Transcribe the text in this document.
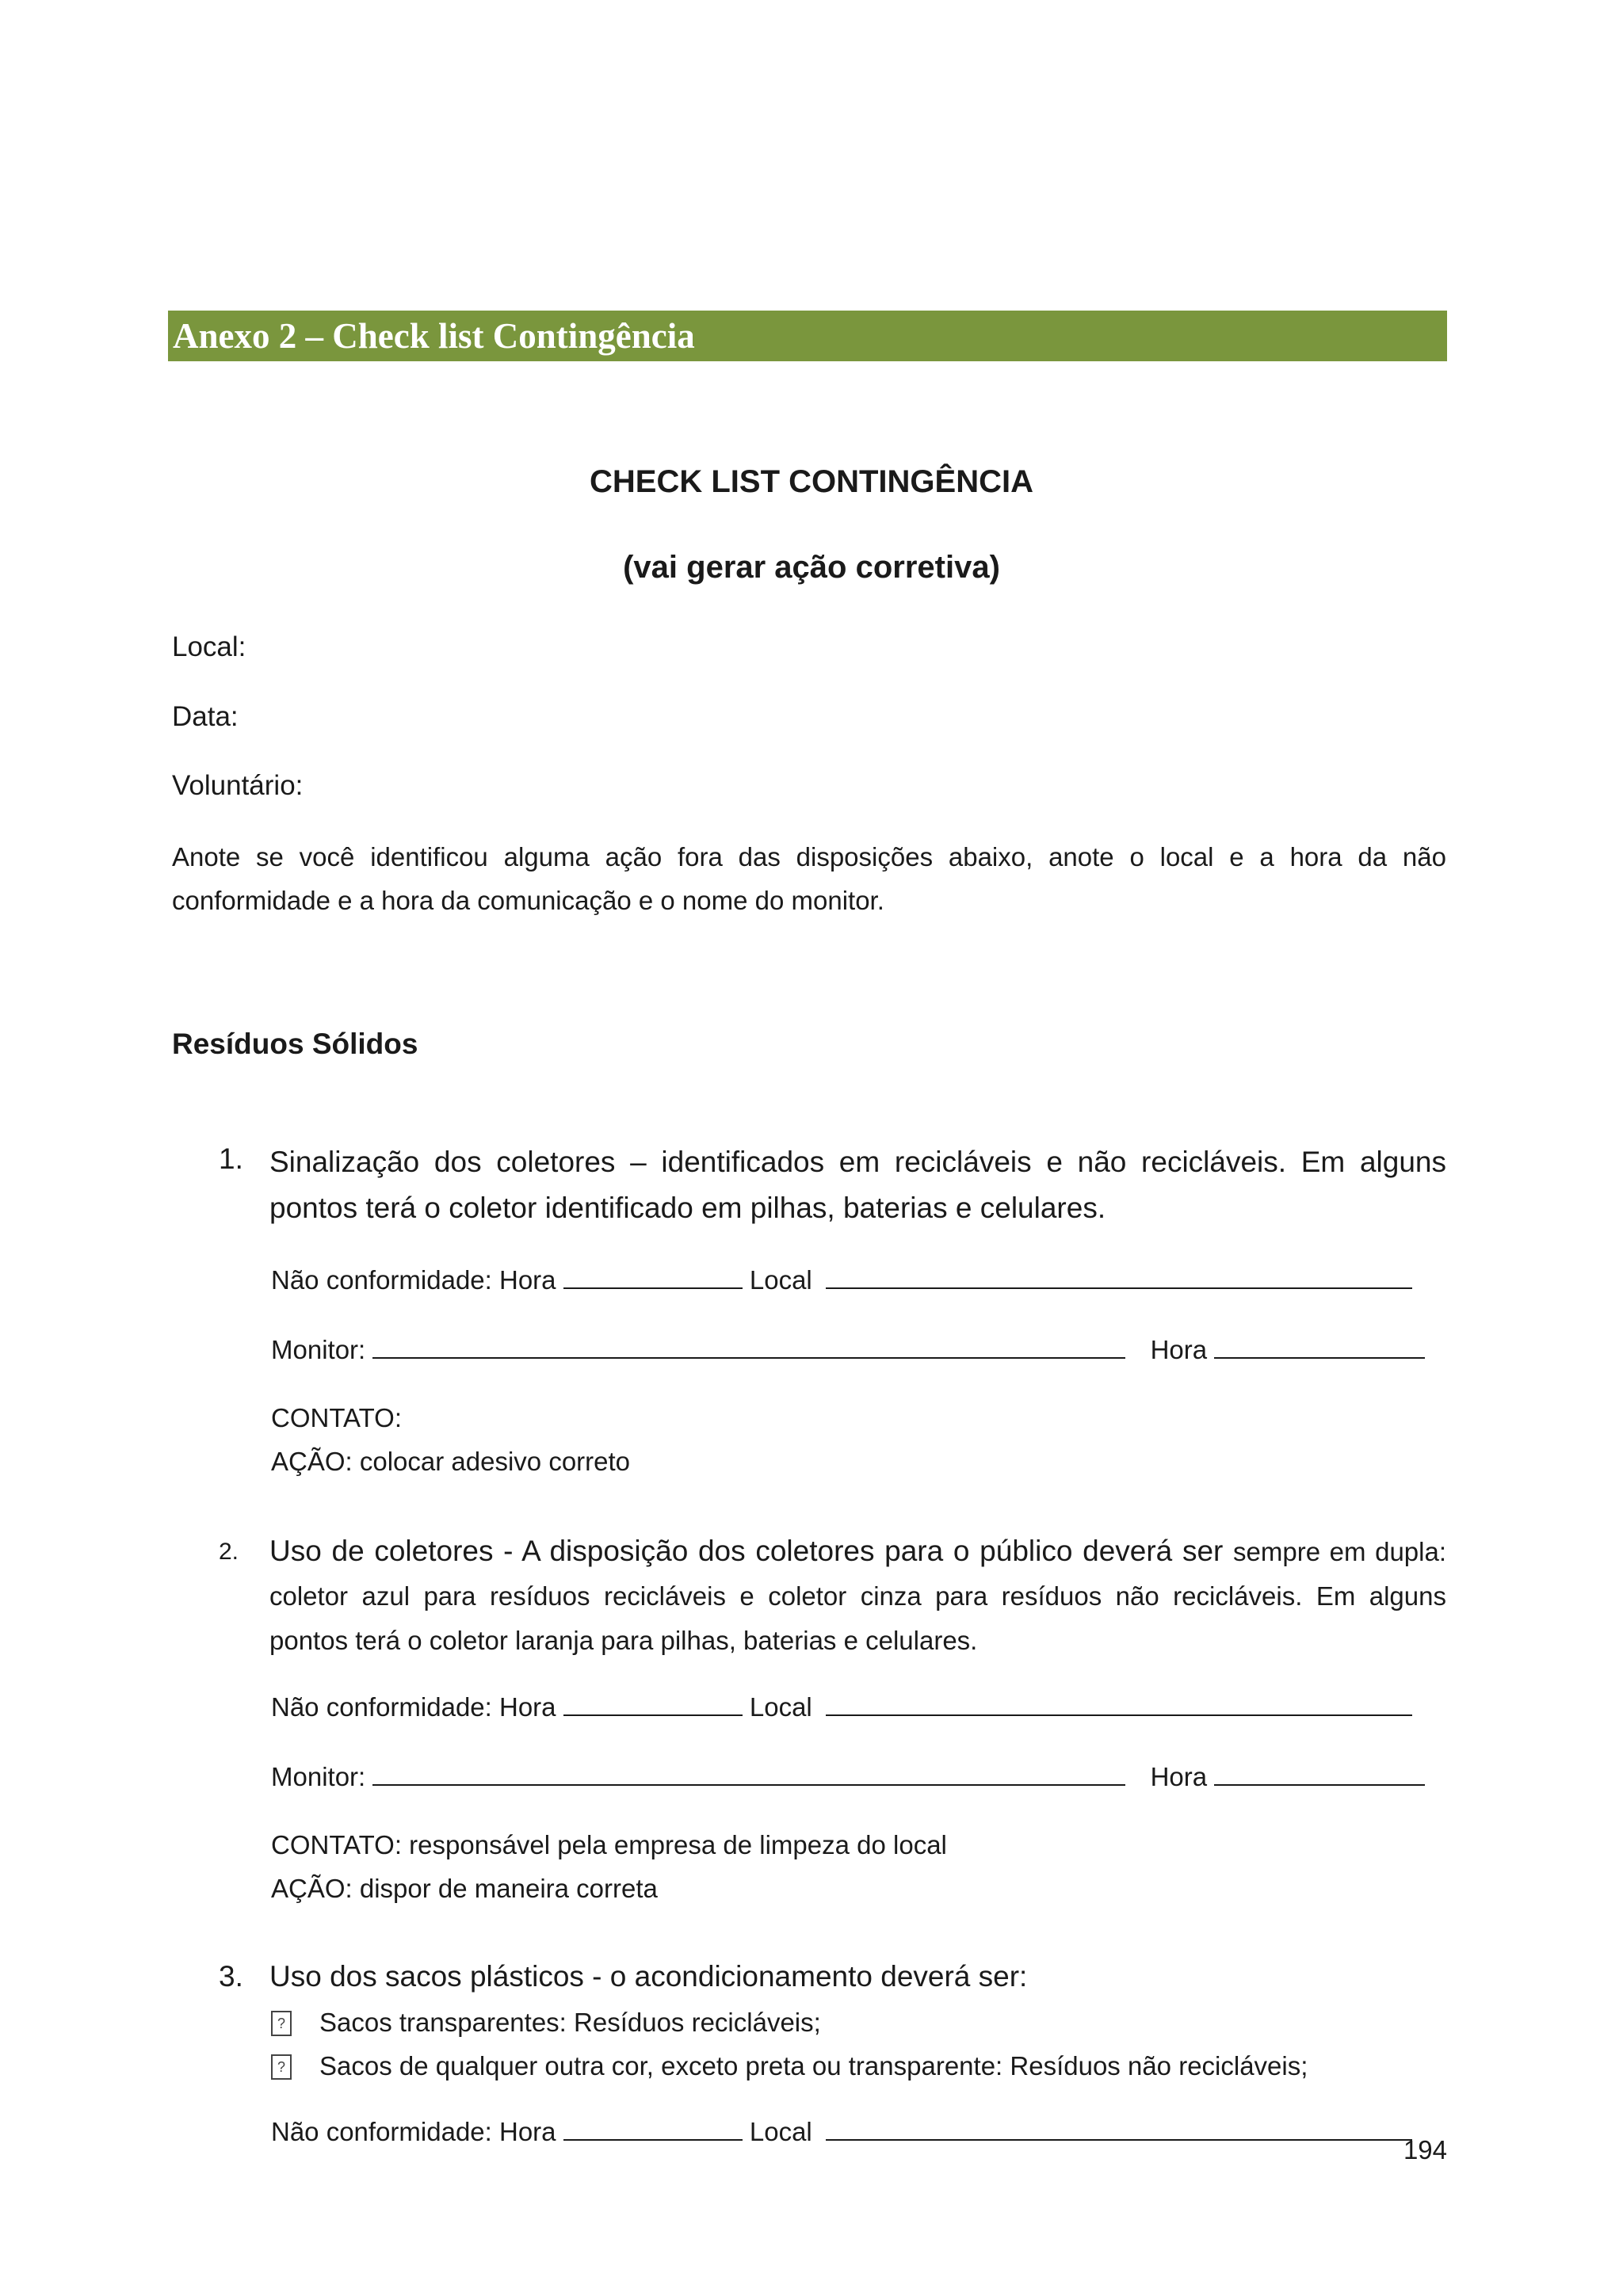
Anexo 2 – Check list Contingência
CHECK LIST CONTINGÊNCIA
(vai gerar ação corretiva)
Local:
Data:
Voluntário:
Anote se você identificou alguma ação fora das disposições abaixo, anote o local e a hora da não conformidade e a hora da comunicação e o nome do monitor.
Resíduos Sólidos
1. Sinalização dos coletores – identificados em recicláveis e não recicláveis. Em alguns pontos terá o coletor identificado em pilhas, baterias e celulares.
Não conformidade: Hora	Local
Monitor:	Hora
CONTATO:
AÇÃO: colocar adesivo correto
2. Uso de coletores - A disposição dos coletores para o público deverá ser sempre em dupla: coletor azul para resíduos recicláveis e coletor cinza para resíduos não recicláveis. Em alguns pontos terá o coletor laranja para pilhas, baterias e celulares.
Não conformidade: Hora	Local
Monitor:	Hora
CONTATO: responsável pela empresa de limpeza do local
AÇÃO: dispor de maneira correta
3. Uso dos sacos plásticos - o acondicionamento deverá ser:
? Sacos transparentes: Resíduos recicláveis;
? Sacos de qualquer outra cor, exceto preta ou transparente: Resíduos não recicláveis;
Não conformidade: Hora	Local
194
